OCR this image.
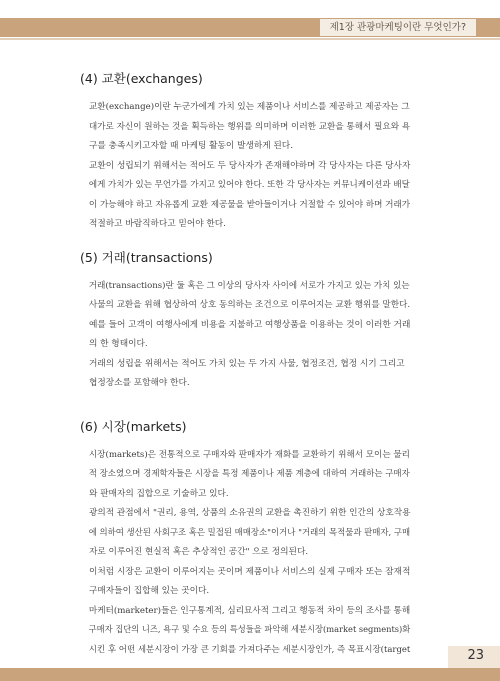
제1장 관광마케팅이란 무엇인가?
(4) 교환(exchanges)

교환(exchange)이란 누군가에게 가치 있는 제품이나 서비스를 제공하고 제공자는 그
대가로 자신이 원하는 것을 획득하는 행위를 의미하며 이러한 교환을 통해서 필요와 욕
구를 충족시키고자할 때 마케팅 활동이 발생하게 된다.

교환이 성립되기 위해서는 적어도 두 당사자가 존재해야하며 각 당사자는 다른 당사자
에게 가치가 있는 무언가를 가지고 있어야 한다. 또한 각 당사자는 커뮤니케이션과 배달
이 가능해야 하고 자유롭게 교환 제공물을 받아들이거나 거절할 수 있어야 하며 거래가
적절하고 바람직하다고 믿어야 한다.

(5) 거래(transactions)

거래(transactions)란 둘 혹은 그 이상의 당사자 사이에 서로가 가지고 있는 가치 있는
사물의 교환을 위해 협상하여 상호 동의하는 조건으로 이루어지는 교환 행위를 말한다.

예를 들어 고객이 여행사에게 비용을 지불하고 여행상품을 이용하는 것이 이러한 거래
의 한 형태이다.

거래의 성립을 위해서는 적어도 가치 있는 두 가지 사물, 협정조건, 협정 시기 그리고
협정장소를 포함해야 한다.

(6) 시장(markets)

시장(markets)은 전통적으로 구매자와 판매자가 재화를 교환하기 위해서 모이는 물리
적 장소였으며 경제학자들은 시장을 특정 제품이나 제품 계층에 대하여 거래하는 구매자
와 판매자의 집합으로 기술하고 있다.

광의적 관점에서 "권리, 용역, 상품의 소유권의 교환을 촉진하기 위한 인간의 상호작용
에 의하여 생산된 사회구조 혹은 밀접된 매매장소"이거나 "거래의 목적물과 판매자, 구매
자로 이루어진 현실적 혹은 추상적인 공간" 으로 정의된다.

이처럼 시장은 교환이 이루어지는 곳이며 제품이나 서비스의 실제 구매자 또는 잠재적
구매자들이 집합해 있는 곳이다.

마케터(marketer)들은 인구통계적, 심리묘사적 그리고 행동적 차이 등의 조사를 통해
구매자 집단의 니즈, 욕구 및 수요 등의 특성들을 파악해 세분시장(market segments)화
시킨 후 어떤 세분시장이 가장 큰 기회를 가져다주는 세분시장인가, 즉 목표시장(target	23
